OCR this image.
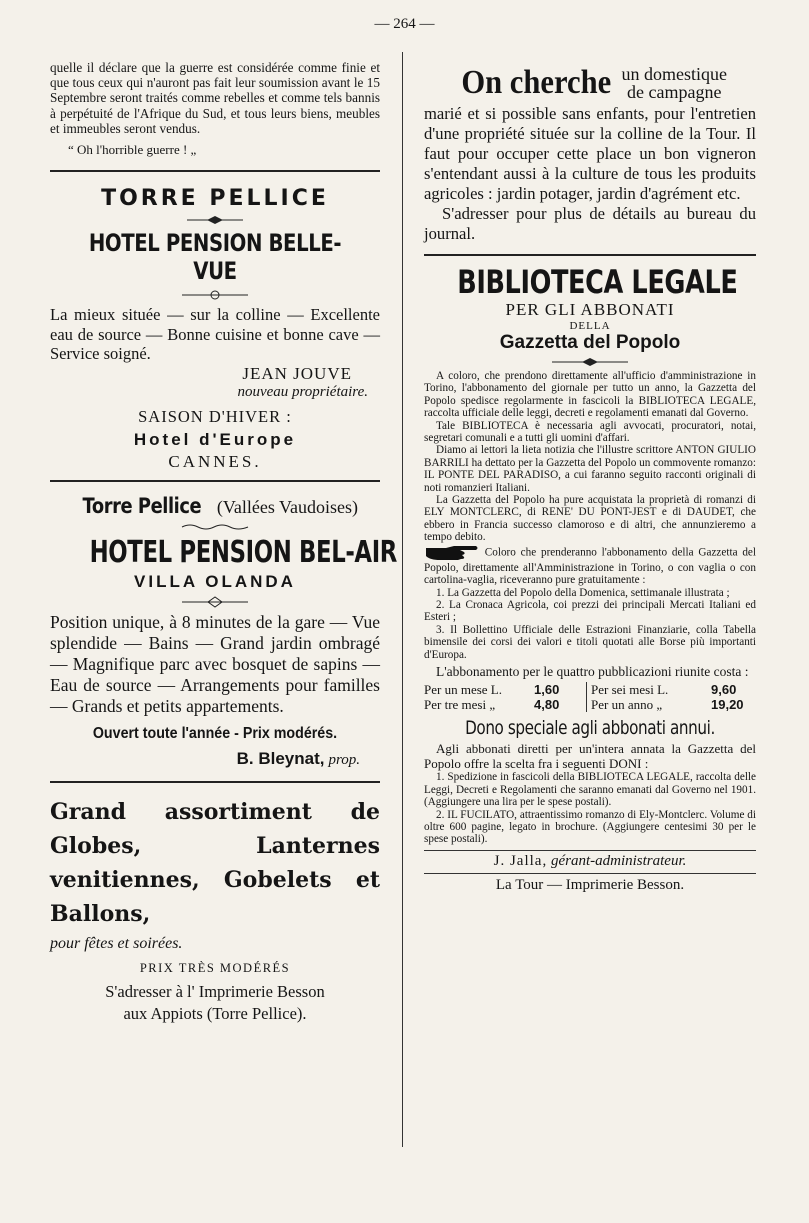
— 264 —

quelle il déclare que la guerre est considérée comme finie et que tous ceux qui n'auront pas fait leur soumission avant le 15 Septembre seront traités comme rebelles et comme tels bannis à perpétuité de l'Afrique du Sud, et tous leurs biens, meubles et immeubles seront vendus.

“ Oh l'horrible guerre ! „

TORRE PELLICE
HOTEL PENSION BELLE-VUE

La mieux située — sur la colline — Excellente eau de source — Bonne cuisine et bonne cave — Service soigné.

JEAN JOUVE
nouveau propriétaire.
SAISON D'HIVER :
Hotel d'Europe
CANNES.
Torre Pellice (Vallées Vaudoises)
HOTEL PENSION BEL-AIR
VILLA OLANDA

Position unique, à 8 minutes de la gare — Vue splendide — Bains — Grand jardin ombragé — Magnifique parc avec bosquet de sapins — Eau de source — Arrangements pour familles — Grands et petits appartements.

Ouvert toute l'année - Prix modérés.
B. Bleynat, prop.

Grand assortiment de Globes, Lanternes venitiennes, Gobelets et Ballons,

pour fêtes et soirées.
PRIX TRÈS MODÉRÉS
S'adresser à l' Imprimerie Besson
aux Appiots (Torre Pellice).
On cherche un domestique
de campagne

marié et si possible sans enfants, pour l'entretien d'une propriété située sur la colline de la Tour. Il faut pour occuper cette place un bon vigneron s'entendant aussi à la culture de tous les produits agricoles : jardin potager, jardin d'agrément etc.

S'adresser pour plus de détails au bureau du journal.

BIBLIOTECA LEGALE
PER GLI ABBONATI
DELLA
Gazzetta del Popolo

A coloro, che prendono direttamente all'ufficio d'amministrazione in Torino, l'abbonamento del giornale per tutto un anno, la Gazzetta del Popolo spedisce regolarmente in fascicoli la BIBLIOTECA LEGALE, raccolta ufficiale delle leggi, decreti e regolamenti emanati dal Governo.

Tale BIBLIOTECA è necessaria agli avvocati, procuratori, notai, segretari comunali e a tutti gli uomini d'affari.

Diamo ai lettori la lieta notizia che l'illustre scrittore ANTON GIULIO BARRILI ha dettato per la Gazzetta del Popolo un commovente romanzo: IL PONTE DEL PARADISO, a cui faranno seguito racconti originali di noti romanzieri Italiani.

La Gazzetta del Popolo ha pure acquistata la proprietà di romanzi di ELY MONTCLERC, di RENE' DU PONT-JEST e di DAUDET, che ebbero in Francia successo clamoroso e di altri, che annunzieremo a tempo debito.

Coloro che prenderanno l'abbonamento della Gazzetta del Popolo, direttamente all'Amministrazione in Torino, o con vaglia o con cartolina-vaglia, riceveranno pure gratuitamente :

1. La Gazzetta del Popolo della Domenica, settimanale illustrata ;

2. La Cronaca Agricola, coi prezzi dei principali Mercati Italiani ed Esteri ;

3. Il Bollettino Ufficiale delle Estrazioni Finanziarie, colla Tabella bimensile dei corsi dei valori e titoli quotati alle Borse più importanti d'Europa.

L'abbonamento per le quattro pubblicazioni riunite costa :

Per un mese L.	1,60	Per sei mesi L.	9,60
Per tre mesi „	4,80	Per un anno „	19,20
Dono speciale agli abbonati annui.

Agli abbonati diretti per un'intera annata la Gazzetta del Popolo offre la scelta fra i seguenti DONI :

1. Spedizione in fascicoli della BIBLIOTECA LEGALE, raccolta delle Leggi, Decreti e Regolamenti che saranno emanati dal Governo nel 1901. (Aggiungere una lira per le spese postali).

2. IL FUCILATO, attraentissimo romanzo di Ely-Montclerc. Volume di oltre 600 pagine, legato in brochure. (Aggiungere centesimi 30 per le spese postali).

J. Jalla, gérant-administrateur.
La Tour — Imprimerie Besson.
